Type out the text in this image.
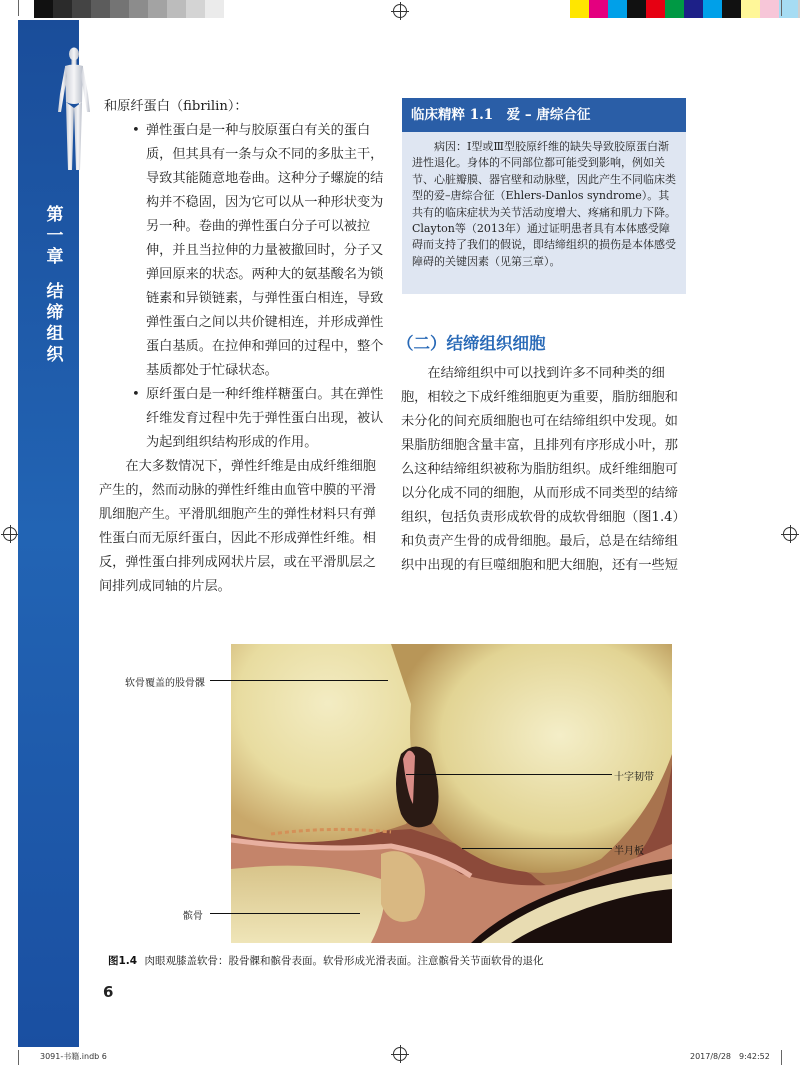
第
一
章
结
缔
组
织

和原纤蛋白（fibrilin）：

• 弹性蛋白是一种与胶原蛋白有关的蛋白质，但其具有一条与众不同的多肽主干，导致其能随意地卷曲。这种分子螺旋的结构并不稳固，因为它可以从一种形状变为另一种。卷曲的弹性蛋白分子可以被拉伸，并且当拉伸的力量被撤回时，分子又弹回原来的状态。两种大的氨基酸名为锁链素和异锁链素，与弹性蛋白相连，导致弹性蛋白之间以共价键相连，并形成弹性蛋白基质。在拉伸和弹回的过程中，整个基质都处于忙碌状态。

• 原纤蛋白是一种纤维样糖蛋白。其在弹性纤维发育过程中先于弹性蛋白出现，被认为起到组织结构形成的作用。

在大多数情况下，弹性纤维是由成纤维细胞产生的，然而动脉的弹性纤维由血管中膜的平滑肌细胞产生。平滑肌细胞产生的弹性材料只有弹性蛋白而无原纤蛋白，因此不形成弹性纤维。相反，弹性蛋白排列成网状片层，或在平滑肌层之间排列成同轴的片层。

临床精粹 1.1　爱 – 唐综合征

病因：Ⅰ型或Ⅲ型胶原纤维的缺失导致胶原蛋白渐进性退化。身体的不同部位都可能受到影响，例如关节、心脏瓣膜、器官壁和动脉壁，因此产生不同临床类型的爱–唐综合征（Ehlers-Danlos syndrome）。其共有的临床症状为关节活动度增大、疼痛和肌力下降。Clayton等（2013年）通过证明患者具有本体感受障碍而支持了我们的假说，即结缔组织的损伤是本体感受障碍的关键因素（见第三章）。

（二）结缔组织细胞

在结缔组织中可以找到许多不同种类的细胞，相较之下成纤维细胞更为重要，脂肪细胞和未分化的间充质细胞也可在结缔组织中发现。如果脂肪细胞含量丰富，且排列有序形成小叶，那么这种结缔组织被称为脂肪组织。成纤维细胞可以分化成不同的细胞，从而形成不同类型的结缔组织，包括负责形成软骨的成软骨细胞（图1.4）和负责产生骨的成骨细胞。最后，总是在结缔组织中出现的有巨噬细胞和肥大细胞，还有一些短

软骨覆盖的股骨髁
十字韧带
半月板
髌骨
图1.4 肉眼观膝盖软骨：股骨髁和髌骨表面。软骨形成光滑表面。注意髌骨关节面软骨的退化
6
3091-书籍.indb 6	2017/8/28　9:42:52
